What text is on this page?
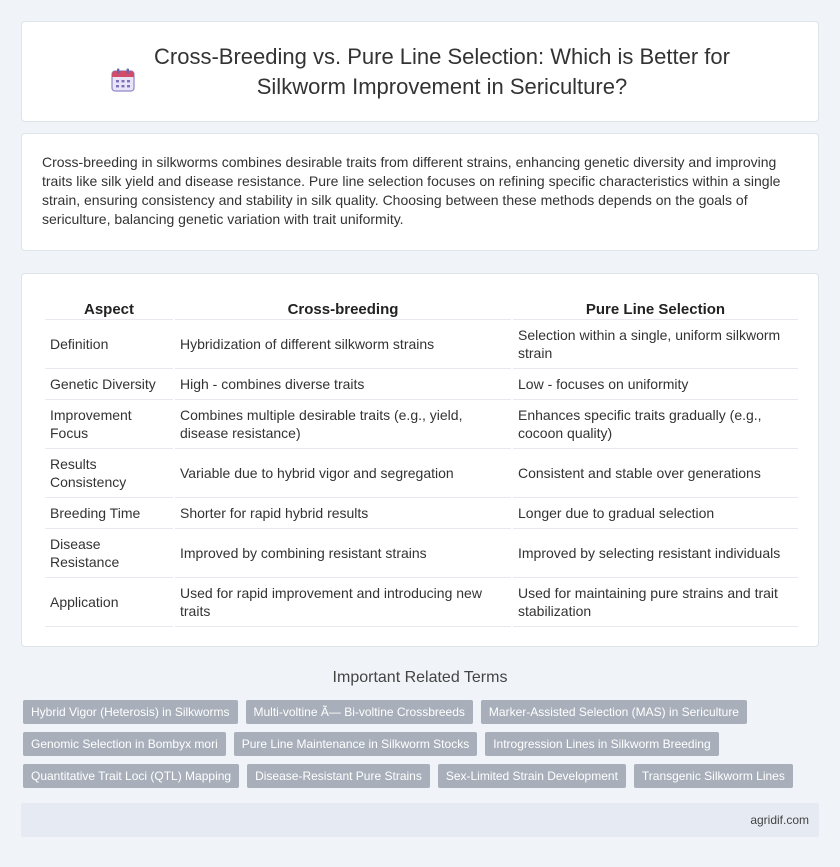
Cross-Breeding vs. Pure Line Selection: Which is Better for
Silkworm Improvement in Sericulture?

Cross-breeding in silkworms combines desirable traits from different strains, enhancing genetic diversity and improving traits like silk yield and disease resistance. Pure line selection focuses on refining specific characteristics within a single strain, ensuring consistency and stability in silk quality. Choosing between these methods depends on the goals of sericulture, balancing genetic variation with trait uniformity.

Aspect	Cross-breeding	Pure Line Selection
Definition	Hybridization of different silkworm strains	Selection within a single, uniform silkworm strain
Genetic Diversity	High - combines diverse traits	Low - focuses on uniformity
Improvement Focus	Combines multiple desirable traits (e.g., yield, disease resistance)	Enhances specific traits gradually (e.g., cocoon quality)
Results Consistency	Variable due to hybrid vigor and segregation	Consistent and stable over generations
Breeding Time	Shorter for rapid hybrid results	Longer due to gradual selection
Disease Resistance	Improved by combining resistant strains	Improved by selecting resistant individuals
Application	Used for rapid improvement and introducing new traits	Used for maintaining pure strains and trait stabilization
Important Related Terms
Hybrid Vigor (Heterosis) in Silkworms	Multi-voltine Ã— Bi-voltine Crossbreeds	Marker-Assisted Selection (MAS) in Sericulture
Genomic Selection in Bombyx mori	Pure Line Maintenance in Silkworm Stocks	Introgression Lines in Silkworm Breeding
Quantitative Trait Loci (QTL) Mapping	Disease-Resistant Pure Strains	Sex-Limited Strain Development	Transgenic Silkworm Lines
agridif.com
